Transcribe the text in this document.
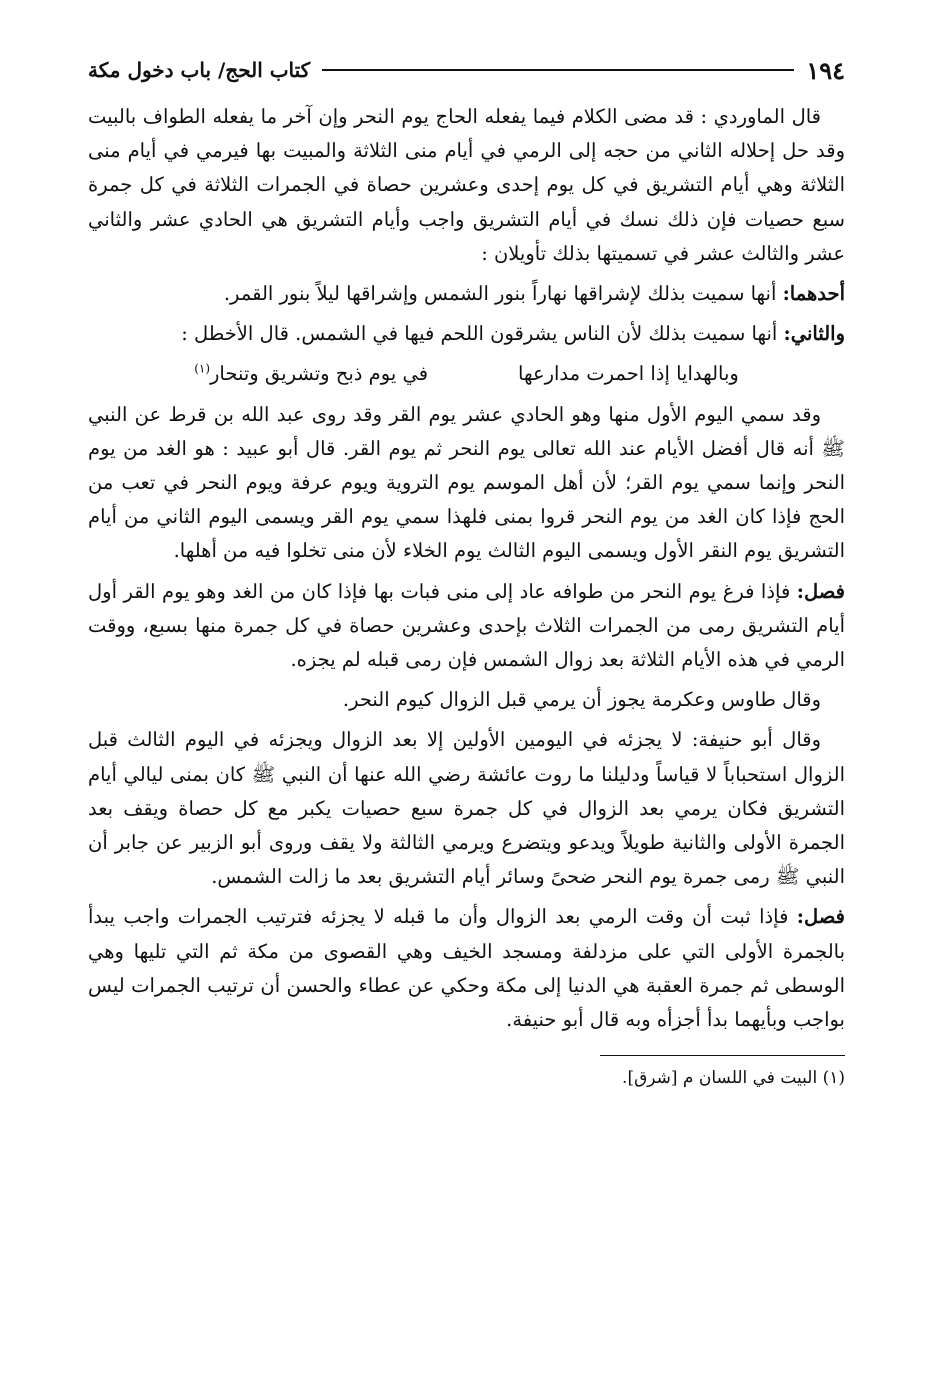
١٩٤
كتاب الحج/ باب دخول مكة

قال الماوردي : قد مضى الكلام فيما يفعله الحاج يوم النحر وإن آخر ما يفعله الطواف بالبيت وقد حل إحلاله الثاني من حجه إلى الرمي في أيام منى الثلاثة والمبيت بها فيرمي في أيام منى الثلاثة وهي أيام التشريق في كل يوم إحدى وعشرين حصاة في الجمرات الثلاثة في كل جمرة سبع حصيات فإن ذلك نسك في أيام التشريق واجب وأيام التشريق هي الحادي عشر والثاني عشر والثالث عشر في تسميتها بذلك تأويلان :

أحدهما: أنها سميت بذلك لإشراقها نهاراً بنور الشمس وإشراقها ليلاً بنور القمر.

والثاني: أنها سميت بذلك لأن الناس يشرقون اللحم فيها في الشمس. قال الأخطل :

وبالهدايا إذا احمرت مدارعها
في يوم ذبح وتشريق وتنحار$^{(١)}$

وقد سمي اليوم الأول منها وهو الحادي عشر يوم القر وقد روى عبد الله بن قرط عن النبي ﷺ أنه قال أفضل الأيام عند الله تعالى يوم النحر ثم يوم القر. قال أبو عبيد : هو الغد من يوم النحر وإنما سمي يوم القر؛ لأن أهل الموسم يوم التروية ويوم عرفة ويوم النحر في تعب من الحج فإذا كان الغد من يوم النحر قروا بمنى فلهذا سمي يوم القر ويسمى اليوم الثاني من أيام التشريق يوم النقر الأول ويسمى اليوم الثالث يوم الخلاء لأن منى تخلوا فيه من أهلها.

فصل: فإذا فرغ يوم النحر من طوافه عاد إلى منى فبات بها فإذا كان من الغد وهو يوم القر أول أيام التشريق رمى من الجمرات الثلاث بإحدى وعشرين حصاة في كل جمرة منها بسبع، ووقت الرمي في هذه الأيام الثلاثة بعد زوال الشمس فإن رمى قبله لم يجزه.

وقال طاوس وعكرمة يجوز أن يرمي قبل الزوال كيوم النحر.

وقال أبو حنيفة: لا يجزئه في اليومين الأولين إلا بعد الزوال ويجزئه في اليوم الثالث قبل الزوال استحباباً لا قياساً ودليلنا ما روت عائشة رضي الله عنها أن النبي ﷺ كان بمنى ليالي أيام التشريق فكان يرمي بعد الزوال في كل جمرة سبع حصيات يكبر مع كل حصاة ويقف بعد الجمرة الأولى والثانية طويلاً ويدعو ويتضرع ويرمي الثالثة ولا يقف وروى أبو الزبير عن جابر أن النبي ﷺ رمى جمرة يوم النحر ضحىً وسائر أيام التشريق بعد ما زالت الشمس.

فصل: فإذا ثبت أن وقت الرمي بعد الزوال وأن ما قبله لا يجزئه فترتيب الجمرات واجب يبدأ بالجمرة الأولى التي على مزدلفة ومسجد الخيف وهي القصوى من مكة ثم التي تليها وهي الوسطى ثم جمرة العقبة هي الدنيا إلى مكة وحكي عن عطاء والحسن أن ترتيب الجمرات ليس بواجب وبأيهما بدأ أجزأه وبه قال أبو حنيفة.

(١) البيت في اللسان م [شرق].
